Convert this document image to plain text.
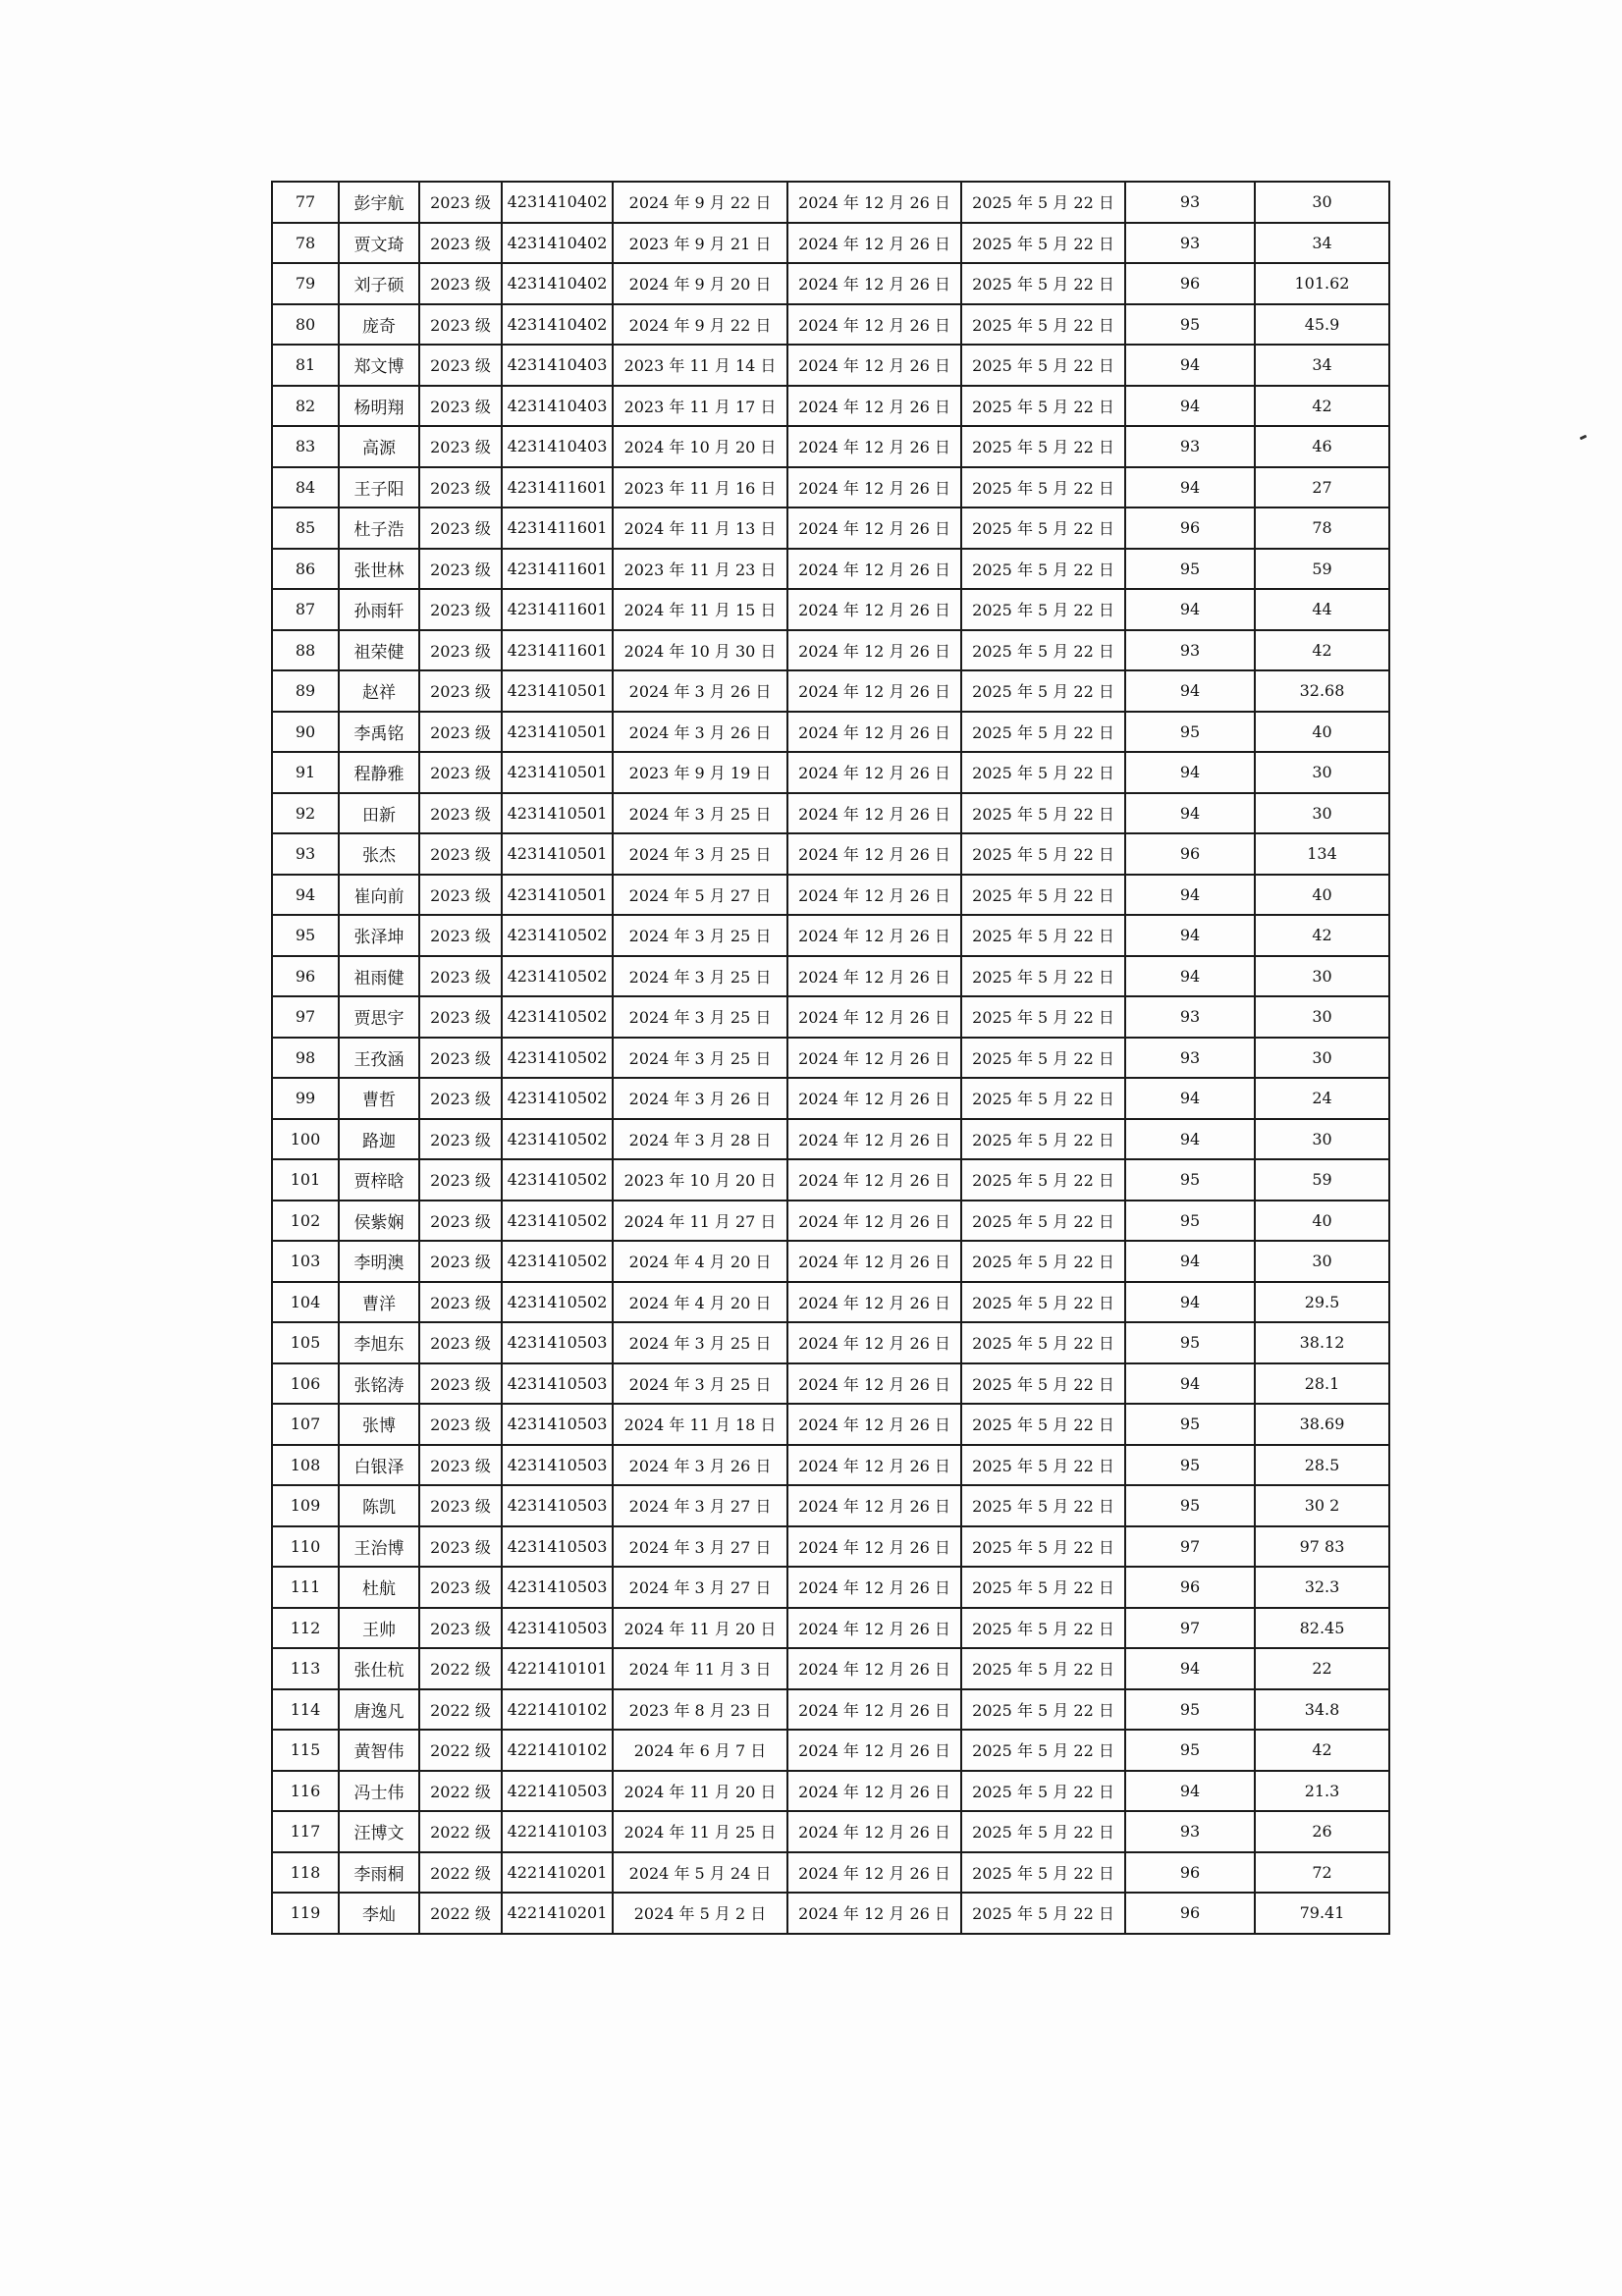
77	彭宇航	2023 级	4231410402	2024 年 9 月 22 日	2024 年 12 月 26 日	2025 年 5 月 22 日	93	30
78	贾文琦	2023 级	4231410402	2023 年 9 月 21 日	2024 年 12 月 26 日	2025 年 5 月 22 日	93	34
79	刘子硕	2023 级	4231410402	2024 年 9 月 20 日	2024 年 12 月 26 日	2025 年 5 月 22 日	96	101.62
80	庞奇	2023 级	4231410402	2024 年 9 月 22 日	2024 年 12 月 26 日	2025 年 5 月 22 日	95	45.9
81	郑文博	2023 级	4231410403	2023 年 11 月 14 日	2024 年 12 月 26 日	2025 年 5 月 22 日	94	34
82	杨明翔	2023 级	4231410403	2023 年 11 月 17 日	2024 年 12 月 26 日	2025 年 5 月 22 日	94	42
83	高源	2023 级	4231410403	2024 年 10 月 20 日	2024 年 12 月 26 日	2025 年 5 月 22 日	93	46
84	王子阳	2023 级	4231411601	2023 年 11 月 16 日	2024 年 12 月 26 日	2025 年 5 月 22 日	94	27
85	杜子浩	2023 级	4231411601	2024 年 11 月 13 日	2024 年 12 月 26 日	2025 年 5 月 22 日	96	78
86	张世林	2023 级	4231411601	2023 年 11 月 23 日	2024 年 12 月 26 日	2025 年 5 月 22 日	95	59
87	孙雨轩	2023 级	4231411601	2024 年 11 月 15 日	2024 年 12 月 26 日	2025 年 5 月 22 日	94	44
88	祖荣健	2023 级	4231411601	2024 年 10 月 30 日	2024 年 12 月 26 日	2025 年 5 月 22 日	93	42
89	赵祥	2023 级	4231410501	2024 年 3 月 26 日	2024 年 12 月 26 日	2025 年 5 月 22 日	94	32.68
90	李禹铭	2023 级	4231410501	2024 年 3 月 26 日	2024 年 12 月 26 日	2025 年 5 月 22 日	95	40
91	程静雅	2023 级	4231410501	2023 年 9 月 19 日	2024 年 12 月 26 日	2025 年 5 月 22 日	94	30
92	田新	2023 级	4231410501	2024 年 3 月 25 日	2024 年 12 月 26 日	2025 年 5 月 22 日	94	30
93	张杰	2023 级	4231410501	2024 年 3 月 25 日	2024 年 12 月 26 日	2025 年 5 月 22 日	96	134
94	崔向前	2023 级	4231410501	2024 年 5 月 27 日	2024 年 12 月 26 日	2025 年 5 月 22 日	94	40
95	张泽坤	2023 级	4231410502	2024 年 3 月 25 日	2024 年 12 月 26 日	2025 年 5 月 22 日	94	42
96	祖雨健	2023 级	4231410502	2024 年 3 月 25 日	2024 年 12 月 26 日	2025 年 5 月 22 日	94	30
97	贾思宇	2023 级	4231410502	2024 年 3 月 25 日	2024 年 12 月 26 日	2025 年 5 月 22 日	93	30
98	王孜涵	2023 级	4231410502	2024 年 3 月 25 日	2024 年 12 月 26 日	2025 年 5 月 22 日	93	30
99	曹哲	2023 级	4231410502	2024 年 3 月 26 日	2024 年 12 月 26 日	2025 年 5 月 22 日	94	24
100	路迦	2023 级	4231410502	2024 年 3 月 28 日	2024 年 12 月 26 日	2025 年 5 月 22 日	94	30
101	贾梓晗	2023 级	4231410502	2023 年 10 月 20 日	2024 年 12 月 26 日	2025 年 5 月 22 日	95	59
102	侯紫娴	2023 级	4231410502	2024 年 11 月 27 日	2024 年 12 月 26 日	2025 年 5 月 22 日	95	40
103	李明澳	2023 级	4231410502	2024 年 4 月 20 日	2024 年 12 月 26 日	2025 年 5 月 22 日	94	30
104	曹洋	2023 级	4231410502	2024 年 4 月 20 日	2024 年 12 月 26 日	2025 年 5 月 22 日	94	29.5
105	李旭东	2023 级	4231410503	2024 年 3 月 25 日	2024 年 12 月 26 日	2025 年 5 月 22 日	95	38.12
106	张铭涛	2023 级	4231410503	2024 年 3 月 25 日	2024 年 12 月 26 日	2025 年 5 月 22 日	94	28.1
107	张博	2023 级	4231410503	2024 年 11 月 18 日	2024 年 12 月 26 日	2025 年 5 月 22 日	95	38.69
108	白银泽	2023 级	4231410503	2024 年 3 月 26 日	2024 年 12 月 26 日	2025 年 5 月 22 日	95	28.5
109	陈凯	2023 级	4231410503	2024 年 3 月 27 日	2024 年 12 月 26 日	2025 年 5 月 22 日	95	30 2
110	王治博	2023 级	4231410503	2024 年 3 月 27 日	2024 年 12 月 26 日	2025 年 5 月 22 日	97	97 83
111	杜航	2023 级	4231410503	2024 年 3 月 27 日	2024 年 12 月 26 日	2025 年 5 月 22 日	96	32.3
112	王帅	2023 级	4231410503	2024 年 11 月 20 日	2024 年 12 月 26 日	2025 年 5 月 22 日	97	82.45
113	张仕杭	2022 级	4221410101	2024 年 11 月 3 日	2024 年 12 月 26 日	2025 年 5 月 22 日	94	22
114	唐逸凡	2022 级	4221410102	2023 年 8 月 23 日	2024 年 12 月 26 日	2025 年 5 月 22 日	95	34.8
115	黄智伟	2022 级	4221410102	2024 年 6 月 7 日	2024 年 12 月 26 日	2025 年 5 月 22 日	95	42
116	冯士伟	2022 级	4221410503	2024 年 11 月 20 日	2024 年 12 月 26 日	2025 年 5 月 22 日	94	21.3
117	汪博文	2022 级	4221410103	2024 年 11 月 25 日	2024 年 12 月 26 日	2025 年 5 月 22 日	93	26
118	李雨桐	2022 级	4221410201	2024 年 5 月 24 日	2024 年 12 月 26 日	2025 年 5 月 22 日	96	72
119	李灿	2022 级	4221410201	2024 年 5 月 2 日	2024 年 12 月 26 日	2025 年 5 月 22 日	96	79.41
